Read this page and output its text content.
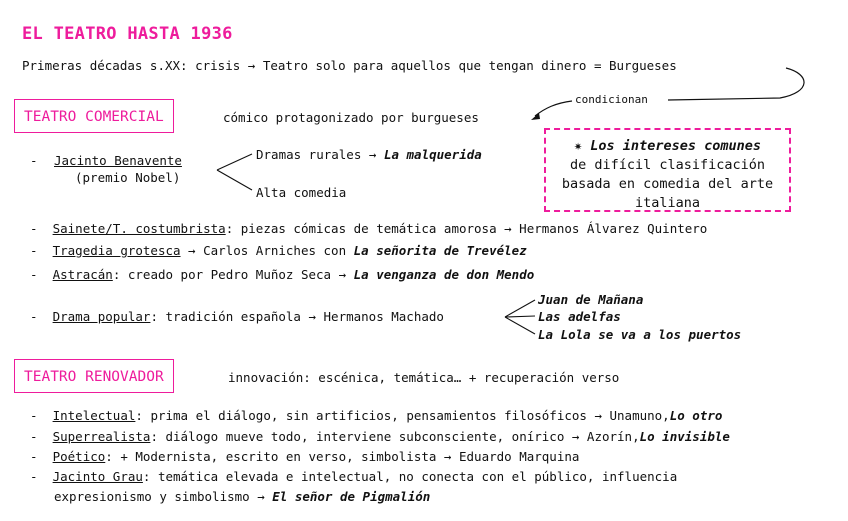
EL TEATRO HASTA 1936
Primeras décadas s.XX: crisis → Teatro solo para aquellos que tengan dinero = Burgueses
condicionan
TEATRO COMERCIAL	cómico protagonizado por burgueses
✷ Los intereses comunes
de difícil clasificación
basada en comedia del arte
italiana
- Jacinto Benavente
(premio Nobel)
Dramas rurales → La malquerida
Alta comedia
- Sainete/T. costumbrista: piezas cómicas de temática amorosa → Hermanos Álvarez Quintero
- Tragedia grotesca → Carlos Arniches con La señorita de Trevélez
- Astracán: creado por Pedro Muñoz Seca → La venganza de don Mendo
- Drama popular: tradición española → Hermanos Machado
Juan de Mañana
Las adelfas
La Lola se va a los puertos
TEATRO RENOVADOR	innovación: escénica, temática… + recuperación verso
- Intelectual: prima el diálogo, sin artificios, pensamientos filosóficos → Unamuno,Lo otro
- Superrealista: diálogo mueve todo, interviene subconsciente, onírico → Azorín,Lo invisible
- Poético: + Modernista, escrito en verso, simbolista → Eduardo Marquina
- Jacinto Grau: temática elevada e intelectual, no conecta con el público, influencia
expresionismo y simbolismo → El señor de Pigmalión
